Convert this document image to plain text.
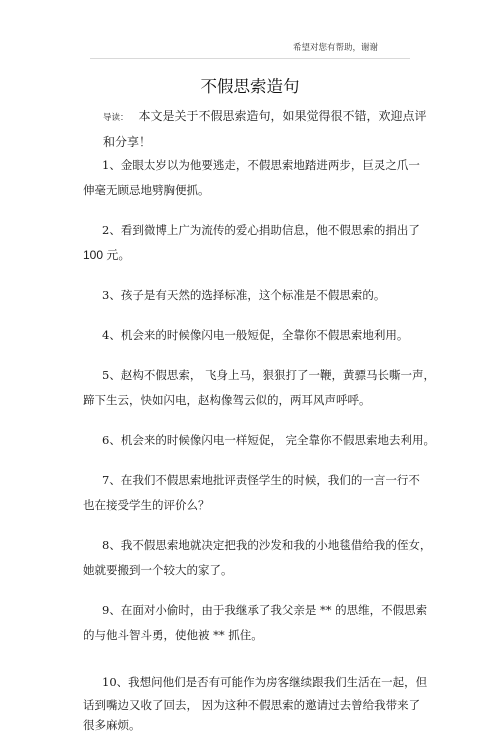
希望对您有帮助，谢谢
不假思索造句
导读： 本文是关于不假思索造句，如果觉得很不错，欢迎点评
和分享！
1、金眼太岁以为他要逃走，不假思索地踏进两步，巨灵之爪一
伸毫无顾忌地劈胸便抓。
2、看到微博上广为流传的爱心捐助信息，他不假思索的捐出了
100 元。
3、孩子是有天然的选择标准，这个标准是不假思索的。
4、机会来的时候像闪电一般短促，全靠你不假思索地利用。
5、赵构不假思索， 飞身上马，狠狠打了一鞭，黄骠马长嘶一声，
蹄下生云，快如闪电，赵构像驾云似的，两耳风声呼呼。
6、机会来的时候像闪电一样短促， 完全靠你不假思索地去利用。
7、在我们不假思索地批评责怪学生的时候，我们的一言一行不
也在接受学生的评价么？
8、我不假思索地就决定把我的沙发和我的小地毯借给我的侄女，
她就要搬到一个较大的家了。
9、在面对小偷时，由于我继承了我父亲是 ** 的思维，不假思索
的与他斗智斗勇，使他被 ** 抓住。
10、我想问他们是否有可能作为房客继续跟我们生活在一起，但
话到嘴边又收了回去， 因为这种不假思索的邀请过去曾给我带来了
很多麻烦。
